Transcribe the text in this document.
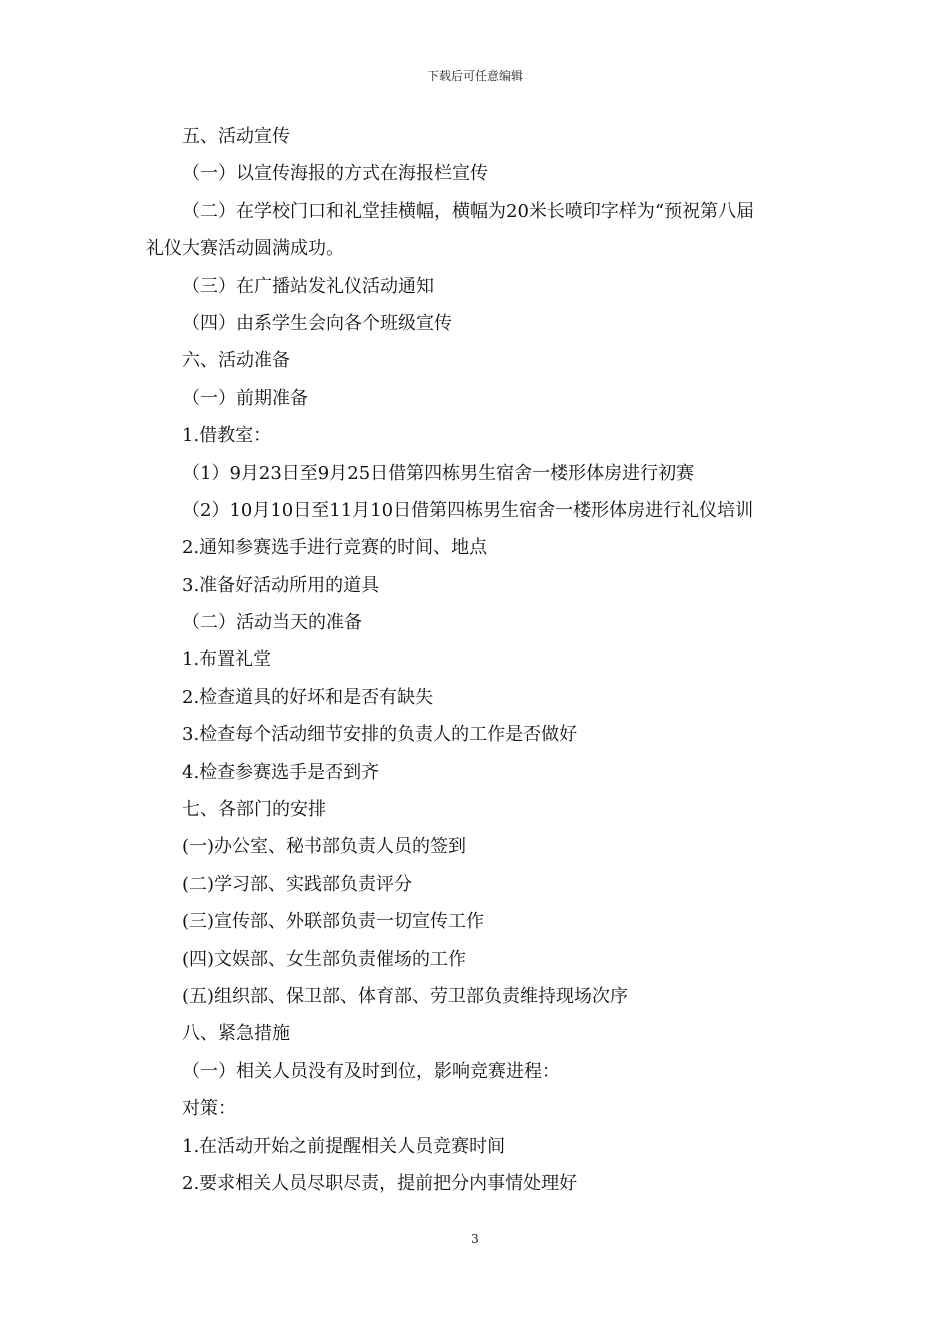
下载后可任意编辑
五、活动宣传
（一）以宣传海报的方式在海报栏宣传
（二）在学校门口和礼堂挂横幅，横幅为20米长喷印字样为“预祝第八届
礼仪大赛活动圆满成功。
（三）在广播站发礼仪活动通知
（四）由系学生会向各个班级宣传
六、活动准备
（一）前期准备
1.借教室：
（1）9月23日至9月25日借第四栋男生宿舍一楼形体房进行初赛
（2）10月10日至11月10日借第四栋男生宿舍一楼形体房进行礼仪培训
2.通知参赛选手进行竞赛的时间、地点
3.准备好活动所用的道具
（二）活动当天的准备
1.布置礼堂
2.检查道具的好坏和是否有缺失
3.检查每个活动细节安排的负责人的工作是否做好
4.检查参赛选手是否到齐
七、各部门的安排
(一)办公室、秘书部负责人员的签到
(二)学习部、实践部负责评分
(三)宣传部、外联部负责一切宣传工作
(四)文娱部、女生部负责催场的工作
(五)组织部、保卫部、体育部、劳卫部负责维持现场次序
八、紧急措施
（一）相关人员没有及时到位，影响竞赛进程：
对策：
1.在活动开始之前提醒相关人员竞赛时间
2.要求相关人员尽职尽责，提前把分内事情处理好
3
